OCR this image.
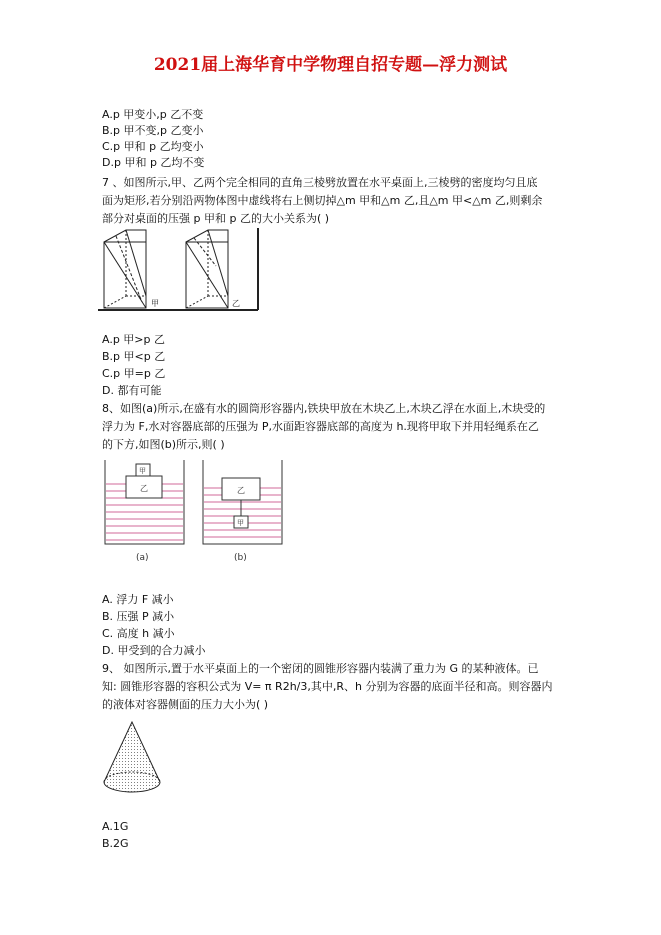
2021届上海华育中学物理自招专题—浮力测试
A.p 甲变小,p 乙不变
B.p 甲不变,p 乙变小
C.p 甲和 p 乙均变小
D.p 甲和 p 乙均不变
7 、如图所示,甲、乙两个完全相同的直角三棱劈放置在水平桌面上,三棱劈的密度均匀且底
面为矩形,若分别沿两物体图中虚线将右上侧切掉△m 甲和△m 乙,且△m 甲<△m 乙,则剩余
部分对桌面的压强 p 甲和 p 乙的大小关系为( )
甲	乙
A.p 甲>p 乙
B.p 甲<p 乙
C.p 甲=p 乙
D. 都有可能
8、如图(a)所示,在盛有水的圆筒形容器内,铁块甲放在木块乙上,木块乙浮在水面上,木块受的
浮力为 F,水对容器底部的压强为 P,水面距容器底部的高度为 h.现将甲取下并用轻绳系在乙
的下方,如图(b)所示,则( )
甲
乙	乙
甲
(a)	(b)
A. 浮力 F 减小
B. 压强 P 减小
C. 高度 h 减小
D. 甲受到的合力减小
9、 如图所示,置于水平桌面上的一个密闭的圆锥形容器内装满了重力为 G 的某种液体。已
知: 圆锥形容器的容积公式为 V= π R2h/3,其中,R、h 分别为容器的底面半径和高。则容器内
的液体对容器侧面的压力大小为( )
A.1G
B.2G
